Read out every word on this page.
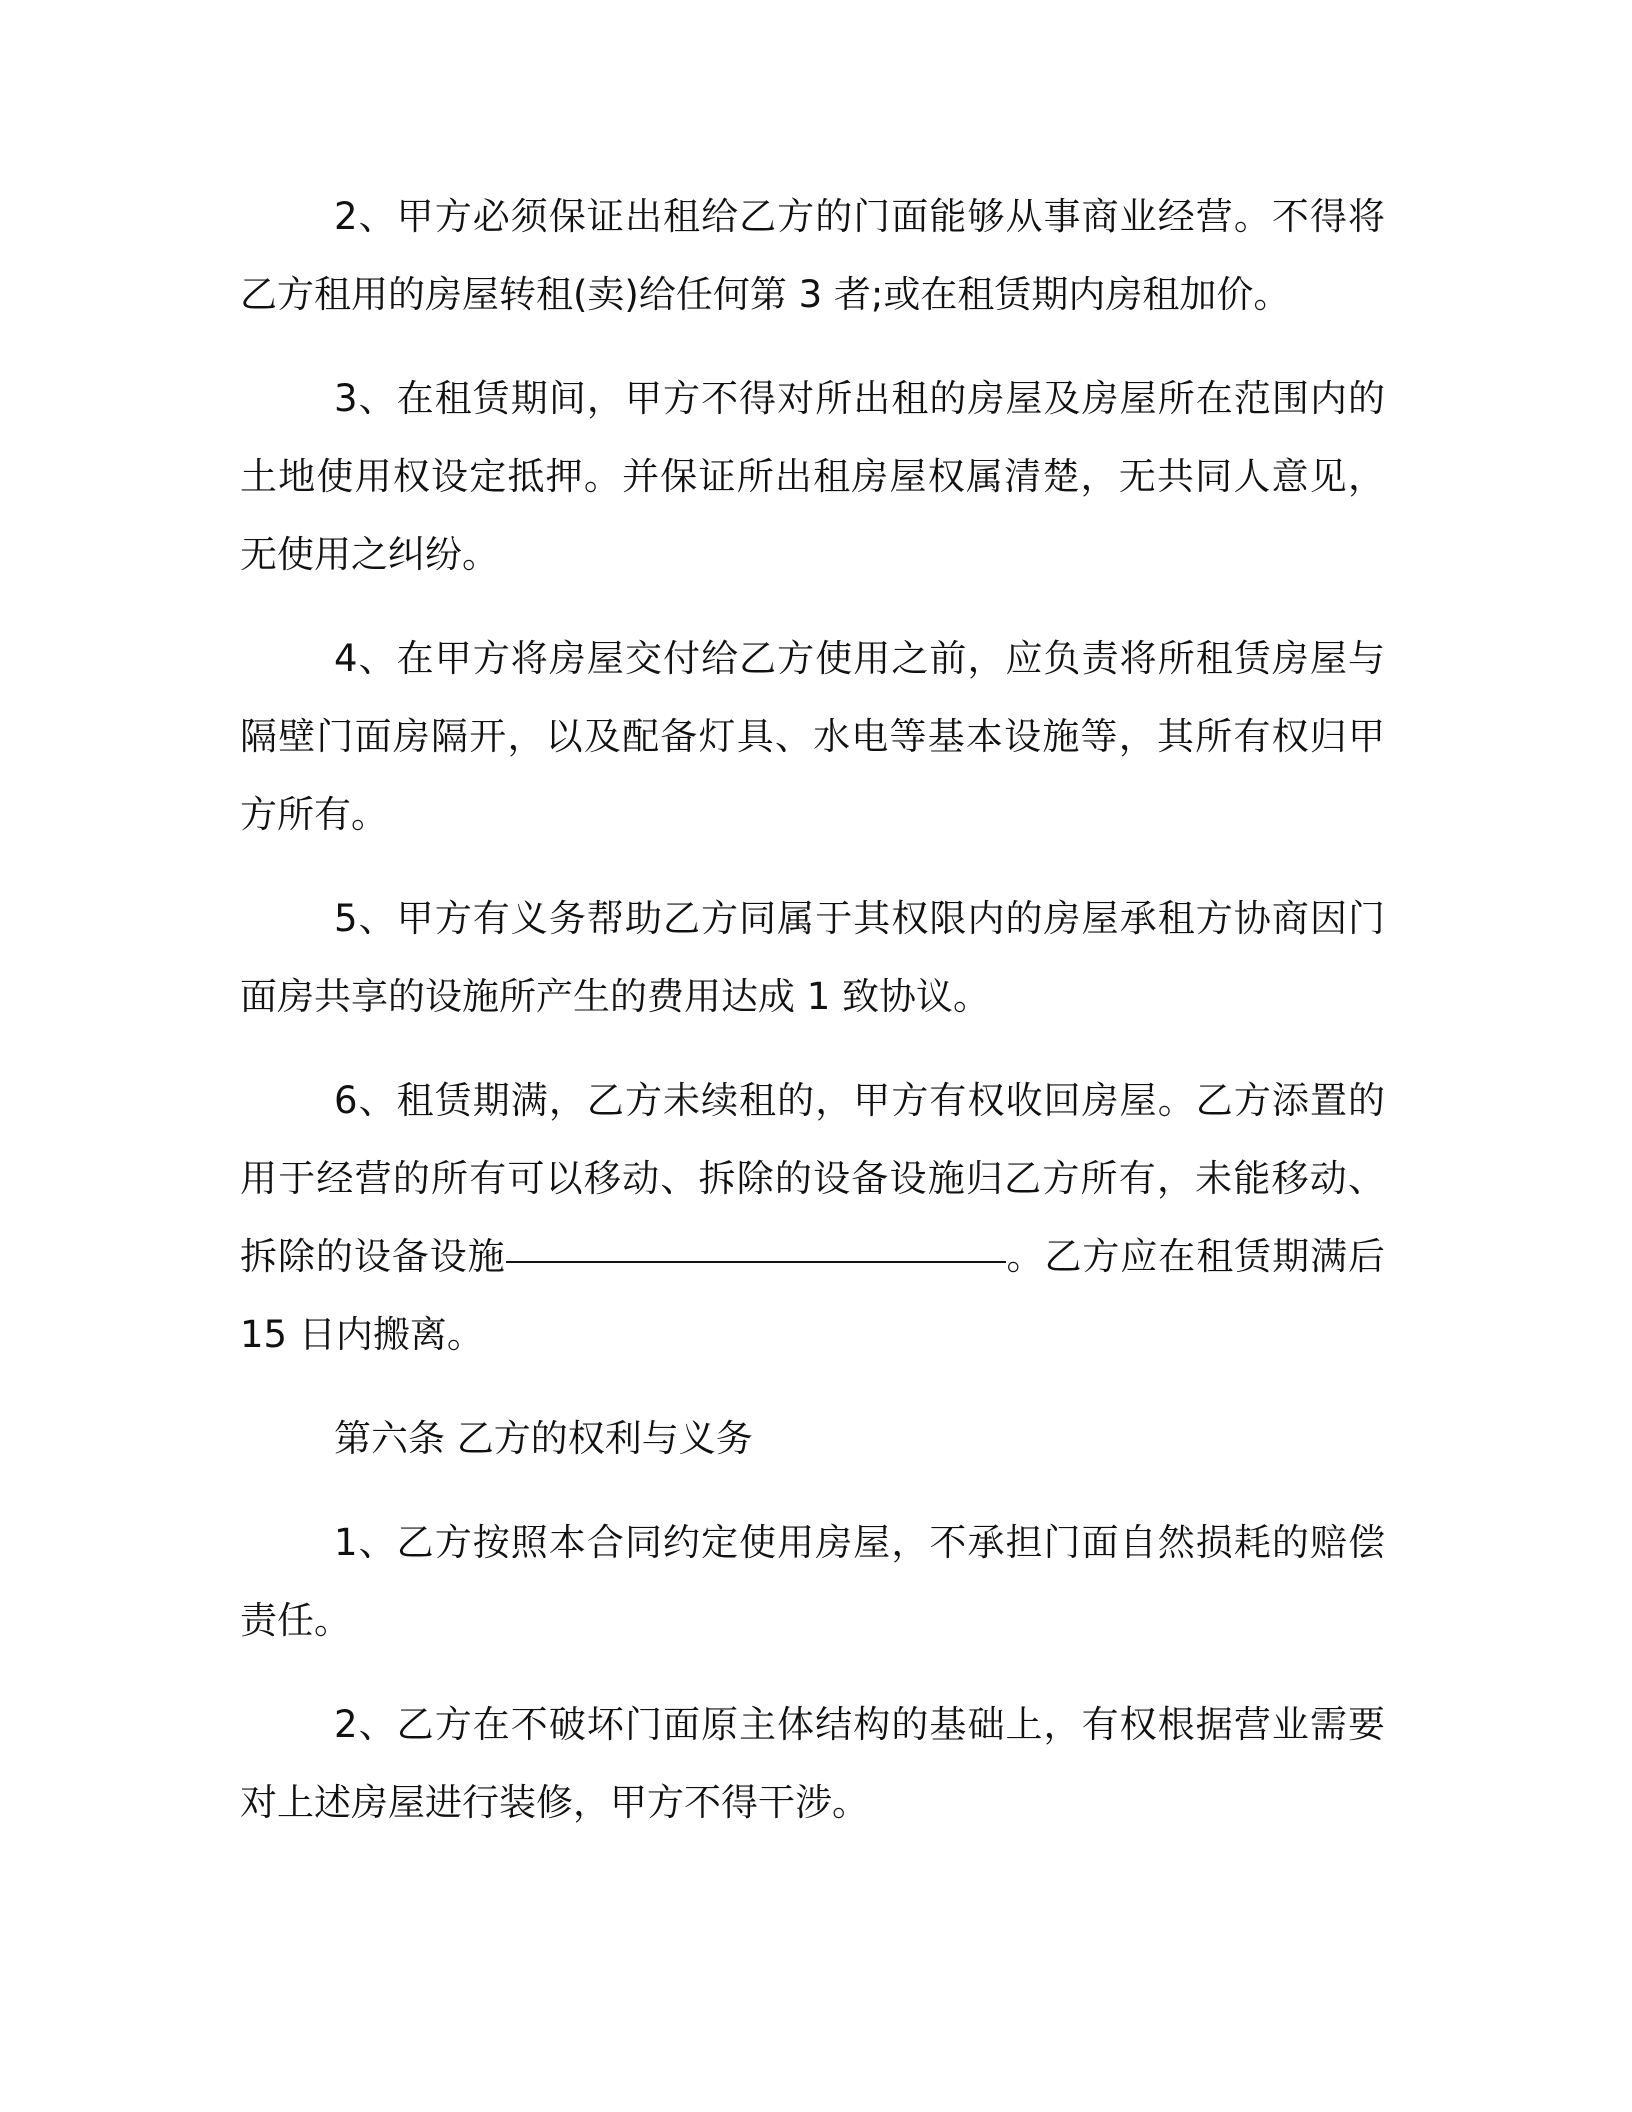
2、甲方必须保证出租给乙方的门面能够从事商业经营。不得将乙方租用的房屋转租(卖)给任何第 3 者;或在租赁期内房租加价。

3、在租赁期间，甲方不得对所出租的房屋及房屋所在范围内的土地使用权设定抵押。并保证所出租房屋权属清楚，无共同人意见，无使用之纠纷。

4、在甲方将房屋交付给乙方使用之前，应负责将所租赁房屋与隔壁门面房隔开，以及配备灯具、水电等基本设施等，其所有权归甲方所有。

5、甲方有义务帮助乙方同属于其权限内的房屋承租方协商因门面房共享的设施所产生的费用达成 1 致协议。

6、租赁期满，乙方未续租的，甲方有权收回房屋。乙方添置的用于经营的所有可以移动、拆除的设备设施归乙方所有，未能移动、拆除的设备设施	。乙方应在租赁期满后 15 日内搬离。

第六条 乙方的权利与义务

1、乙方按照本合同约定使用房屋，不承担门面自然损耗的赔偿责任。

2、乙方在不破坏门面原主体结构的基础上，有权根据营业需要对上述房屋进行装修，甲方不得干涉。
